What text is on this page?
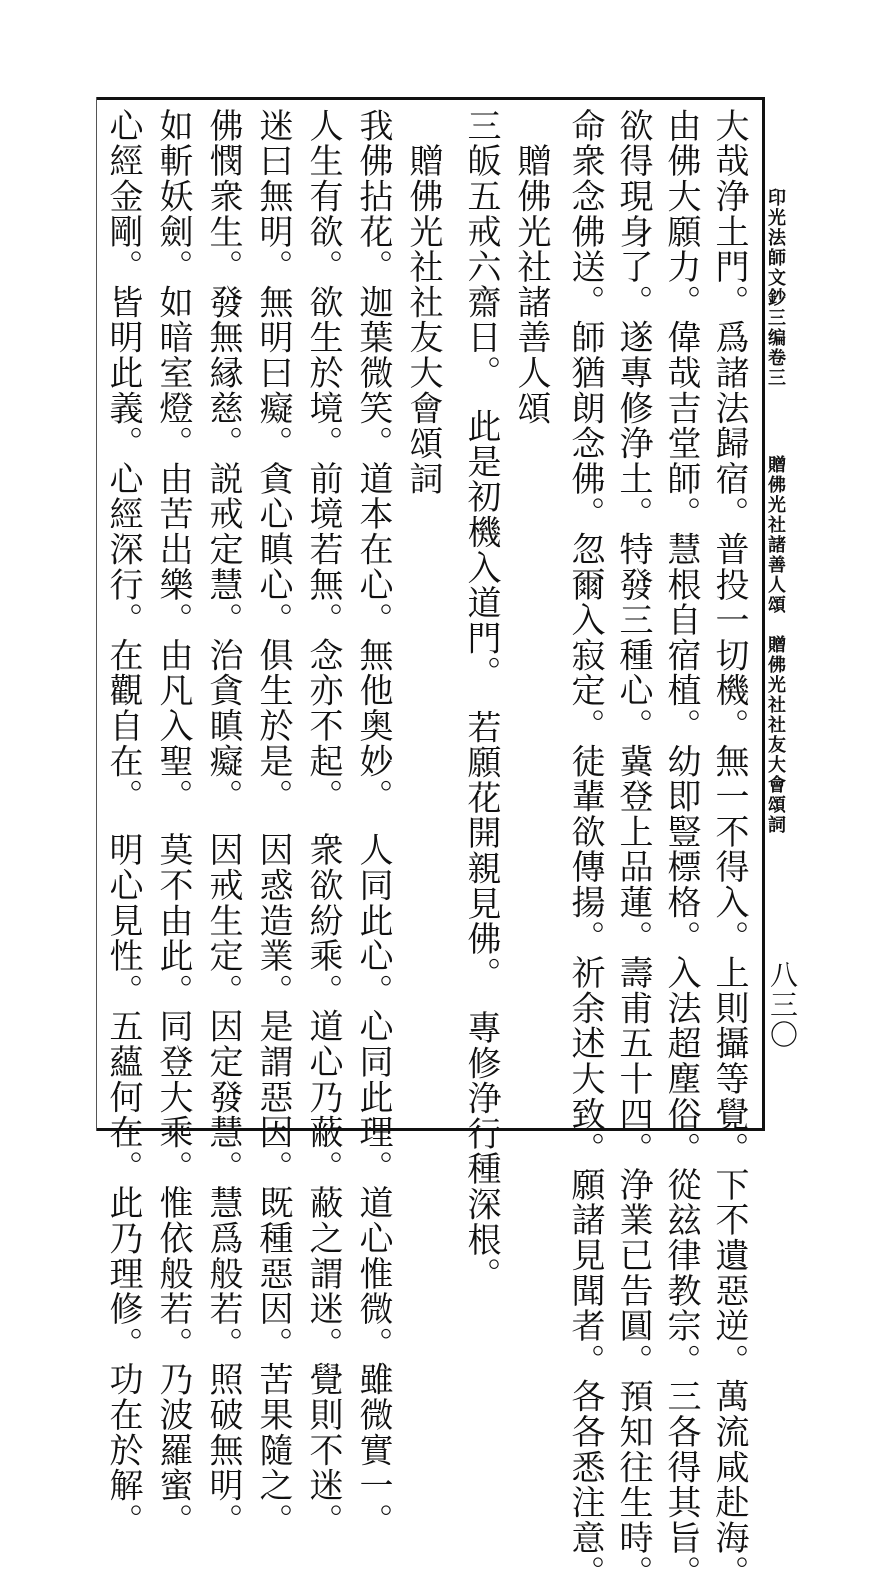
印光法師文鈔三编卷三
贈佛光社諸善人頌　贈佛光社社友大會頌詞
八三〇
大哉浄土門。爲諸法歸宿。普投一切機。無一不得入。上則攝等覺。下不遺惡逆。萬流咸赴海。
由佛大願力。偉哉吉堂師。慧根自宿植。幼即豎標格。入法超塵俗。從玆律教宗。三各得其旨。
欲得現身了。遂專修浄土。特發三種心。冀登上品蓮。壽甫五十四。浄業已告圓。預知往生時。
命衆念佛送。師猶朗念佛。忽爾入寂定。徒輩欲傳揚。祈余述大致。願諸見聞者。各各悉注意。
　贈佛光社諸善人頌
三皈五戒六齋日。　此是初機入道門。　若願花開親見佛。　專修浄行種深根。
　贈佛光社社友大會頌詞
我佛拈花。迦葉微笑。道本在心。無他奥妙。　人同此心。心同此理。道心惟微。雖微實一。
人生有欲。欲生於境。前境若無。念亦不起。　衆欲紛乘。道心乃蔽。蔽之謂迷。覺則不迷。
迷曰無明。無明曰癡。貪心瞋心。俱生於是。　因惑造業。是謂惡因。既種惡因。苦果隨之。
佛憫衆生。發無縁慈。説戒定慧。治貪瞋癡。　因戒生定。因定發慧。慧爲般若。照破無明。
如斬妖劍。如暗室燈。由苦出樂。由凡入聖。　莫不由此。同登大乘。惟依般若。乃波羅蜜。
心經金剛。皆明此義。心經深行。在觀自在。　明心見性。五蘊何在。此乃理修。功在於解。
